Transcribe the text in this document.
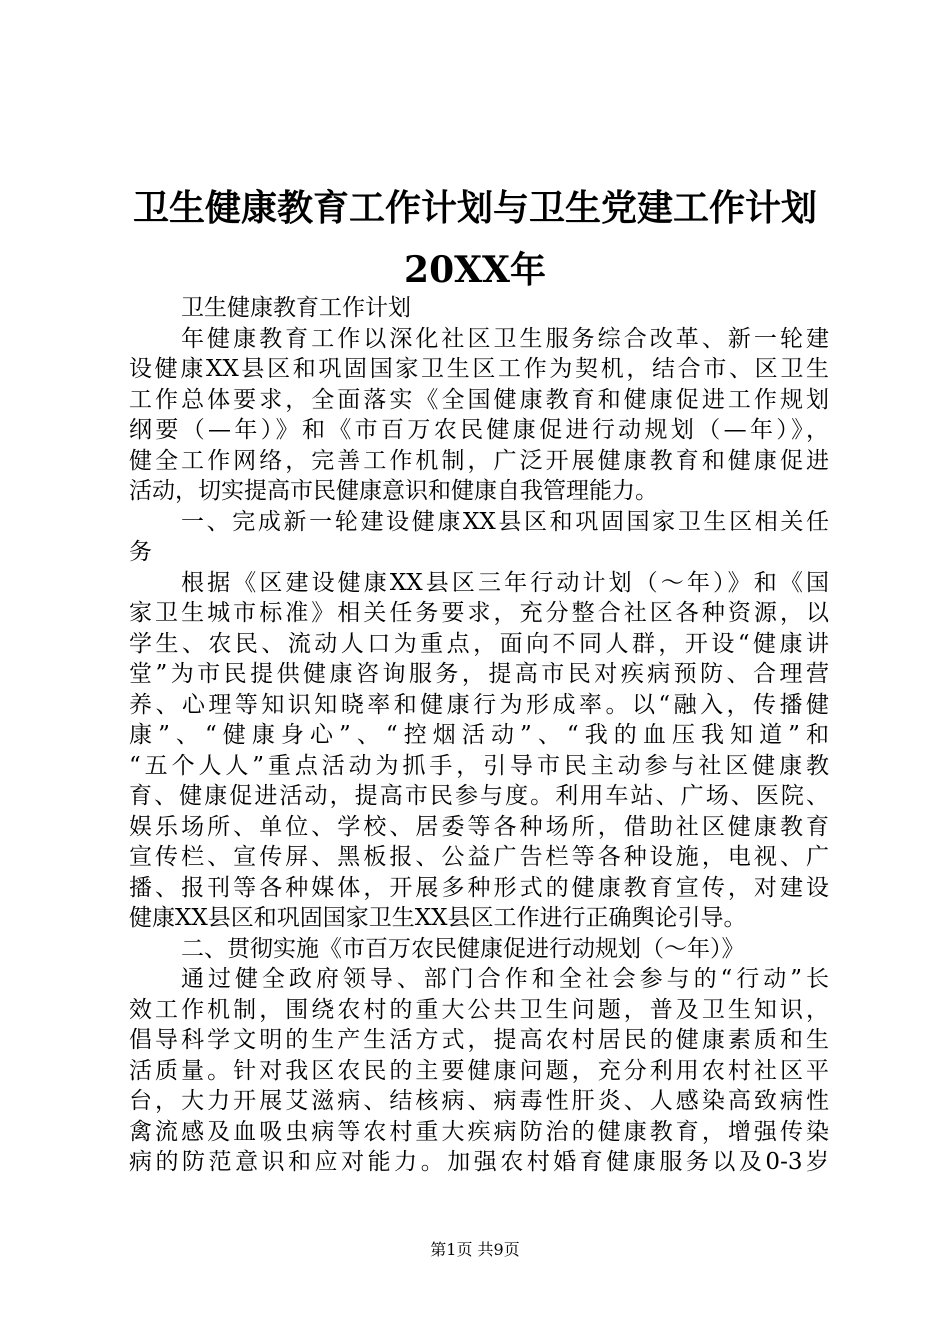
卫生健康教育工作计划与卫生党建工作计划
20XX年
卫生健康教育工作计划
年健康教育工作以深化社区卫生服务综合改革、新一轮建
设健康XX县区和巩固国家卫生区工作为契机，结合市、区卫生
工作总体要求，全面落实《全国健康教育和健康促进工作规划
纲要（—年）》和《市百万农民健康促进行动规划（—年）》，
健全工作网络，完善工作机制，广泛开展健康教育和健康促进
活动，切实提高市民健康意识和健康自我管理能力。
一、完成新一轮建设健康XX县区和巩固国家卫生区相关任
务
根据《区建设健康XX县区三年行动计划（～年）》和《国
家卫生城市标准》相关任务要求，充分整合社区各种资源，以
学生、农民、流动人口为重点，面向不同人群，开设“健康讲
堂”为市民提供健康咨询服务，提高市民对疾病预防、合理营
养、心理等知识知晓率和健康行为形成率。以“融入，传播健
康”、“健康身心”、“控烟活动”、“我的血压我知道”和
“五个人人”重点活动为抓手，引导市民主动参与社区健康教
育、健康促进活动，提高市民参与度。利用车站、广场、医院、
娱乐场所、单位、学校、居委等各种场所，借助社区健康教育
宣传栏、宣传屏、黑板报、公益广告栏等各种设施，电视、广
播、报刊等各种媒体，开展多种形式的健康教育宣传，对建设
健康XX县区和巩固国家卫生XX县区工作进行正确舆论引导。
二、贯彻实施《市百万农民健康促进行动规划（～年）》
通过健全政府领导、部门合作和全社会参与的“行动”长
效工作机制，围绕农村的重大公共卫生问题，普及卫生知识，
倡导科学文明的生产生活方式，提高农村居民的健康素质和生
活质量。针对我区农民的主要健康问题，充分利用农村社区平
台，大力开展艾滋病、结核病、病毒性肝炎、人感染高致病性
禽流感及血吸虫病等农村重大疾病防治的健康教育，增强传染
病的防范意识和应对能力。加强农村婚育健康服务以及0-3岁
第1页 共9页
